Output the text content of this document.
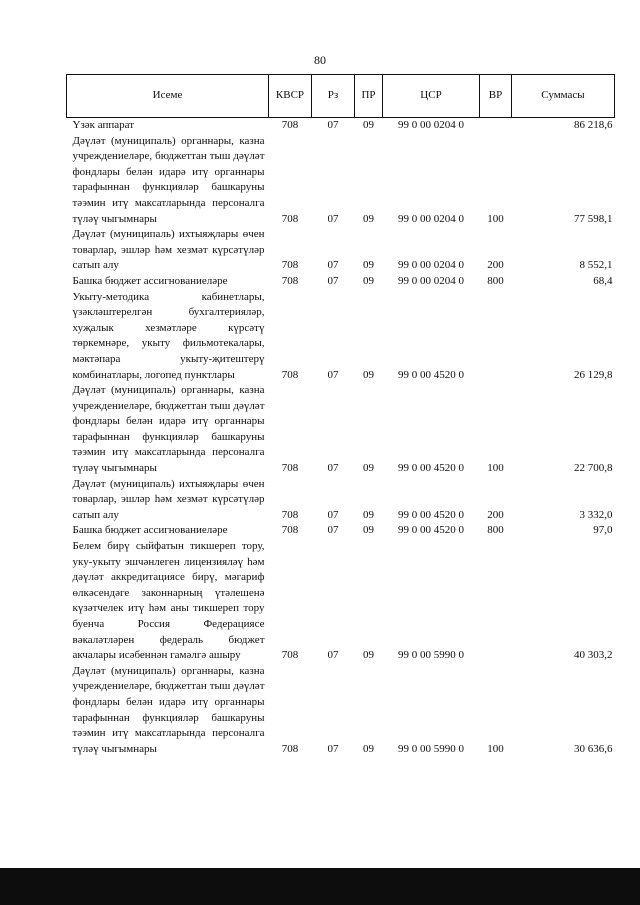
80
Исеме	КВСР	Рз	ПР	ЦСР	ВР	Суммасы
Үзәк аппарат	708	07	09	99 0 00 0204 0		86 218,6
Дәүләт (муниципаль) органнары, казна учреждениеләре, бюджеттан тыш дәүләт фондлары белән идарә итү органнары тарафыннан функцияләр башкаруны тәэмин итү максатларында персоналга түләү чыгымнары	708	07	09	99 0 00 0204 0	100	77 598,1
Дәүләт (муниципаль) ихтыяҗлары өчен товарлар, эшләр һәм хезмәт күрсәтүләр сатып алу	708	07	09	99 0 00 0204 0	200	8 552,1
Башка бюджет ассигнованиеләре	708	07	09	99 0 00 0204 0	800	68,4
Укыту-методика кабинетлары, үзәкләштерелгән бухгалтерияләр, хуҗалык хезмәтләре күрсәтү төркемнәре, укыту фильмотекалары, мәктәпара укыту-җитештерү комбинатлары, логопед пунктлары	708	07	09	99 0 00 4520 0		26 129,8
Дәүләт (муниципаль) органнары, казна учреждениеләре, бюджеттан тыш дәүләт фондлары белән идарә итү органнары тарафыннан функцияләр башкаруны тәэмин итү максатларында персоналга түләү чыгымнары	708	07	09	99 0 00 4520 0	100	22 700,8
Дәүләт (муниципаль) ихтыяҗлары өчен товарлар, эшләр һәм хезмәт күрсәтүләр сатып алу	708	07	09	99 0 00 4520 0	200	3 332,0
Башка бюджет ассигнованиеләре	708	07	09	99 0 00 4520 0	800	97,0
Белем бирү сыйфатын тикшереп тору, уку-укыту эшчәнлеген лицензияләү һәм дәүләт аккредитациясе бирү, мәгариф өлкәсендәге законнарның үтәлешенә күзәтчелек итү һәм аны тикшереп тору буенча Россия Федерациясе вәкаләтләрен федераль бюджет акчалары исәбеннән гамәлгә ашыру	708	07	09	99 0 00 5990 0		40 303,2
Дәүләт (муниципаль) органнары, казна учреждениеләре, бюджеттан тыш дәүләт фондлары белән идарә итү органнары тарафыннан функцияләр башкаруны тәэмин итү максатларында персоналга түләү чыгымнары	708	07	09	99 0 00 5990 0	100	30 636,6
